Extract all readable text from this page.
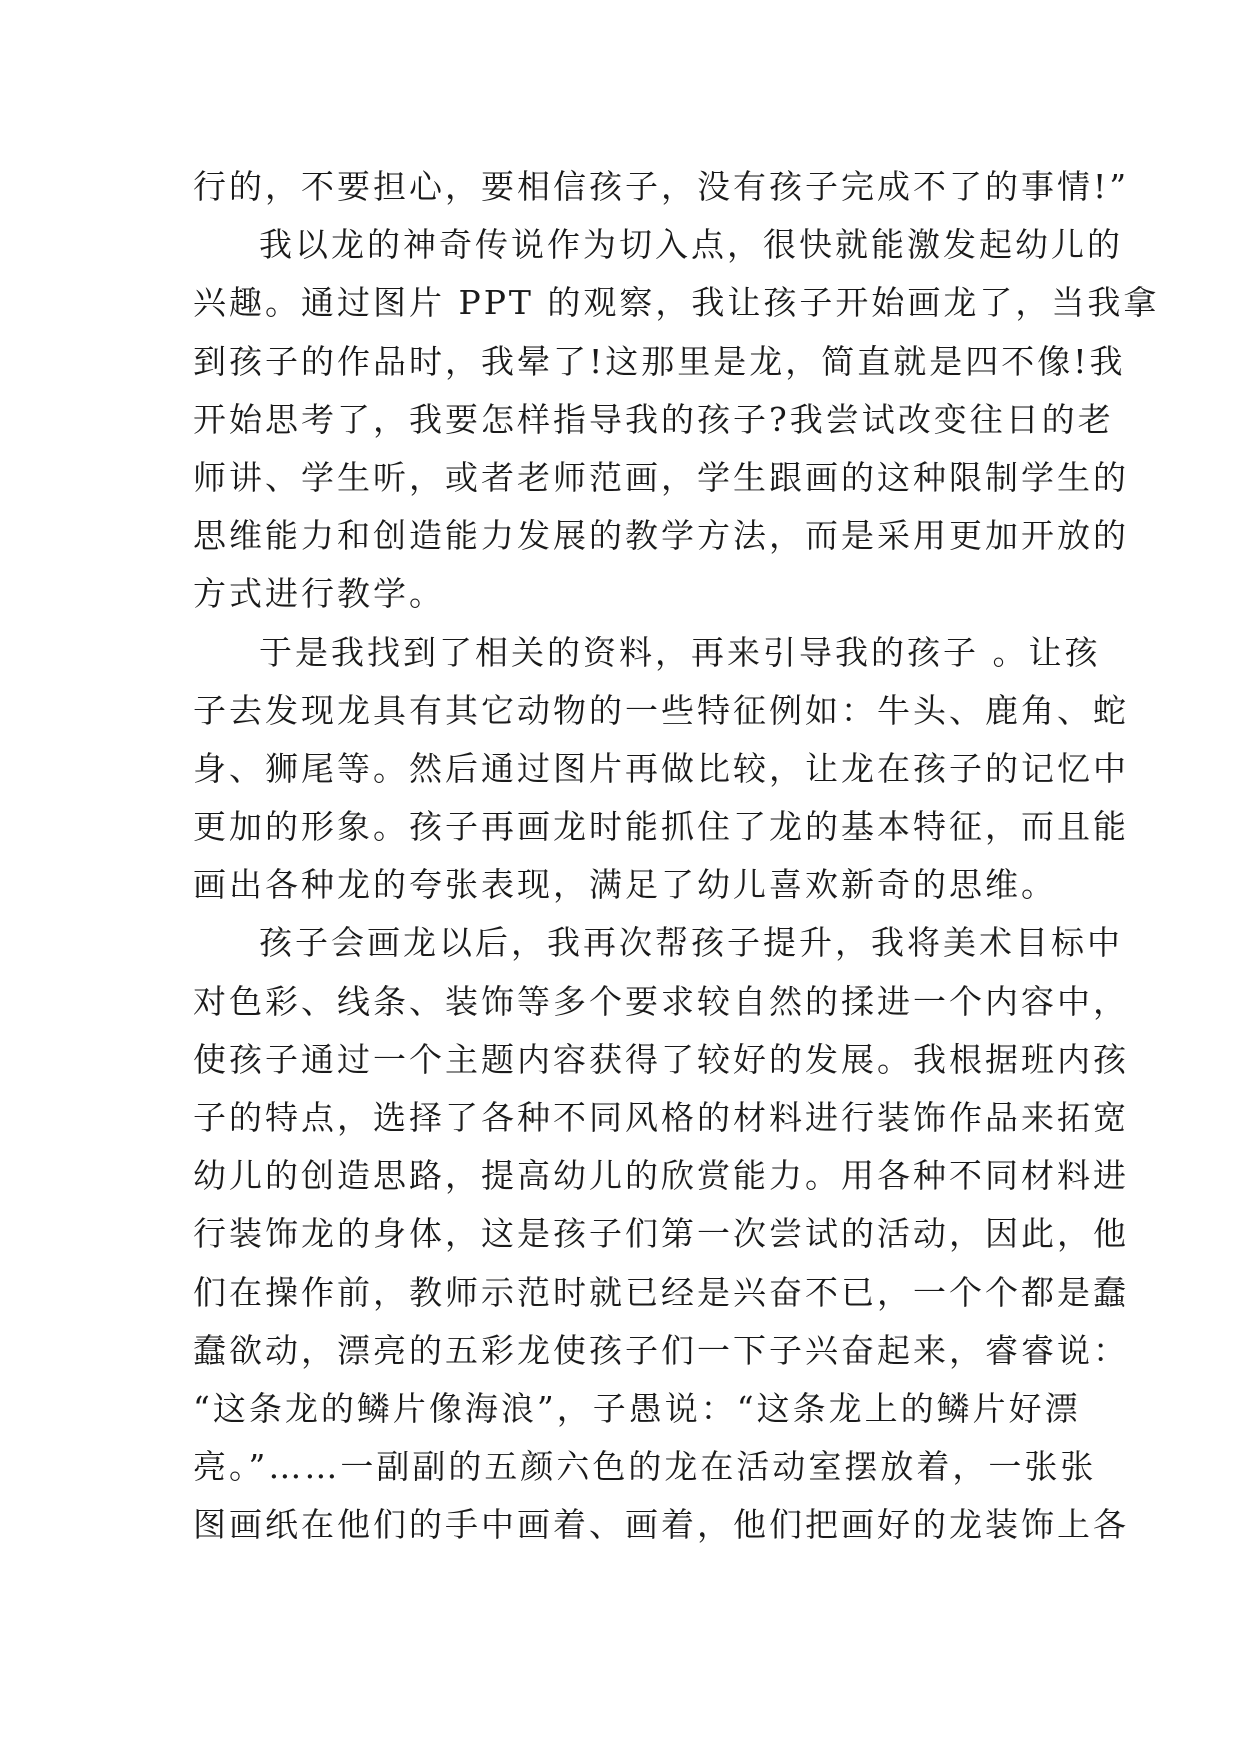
行的，不要担心，要相信孩子，没有孩子完成不了的事情!”
我以龙的神奇传说作为切入点，很快就能激发起幼儿的
兴趣。通过图片 PPT 的观察，我让孩子开始画龙了，当我拿
到孩子的作品时，我晕了!这那里是龙，简直就是四不像!我
开始思考了，我要怎样指导我的孩子?我尝试改变往日的老
师讲、学生听，或者老师范画，学生跟画的这种限制学生的
思维能力和创造能力发展的教学方法，而是采用更加开放的
方式进行教学。
于是我找到了相关的资料，再来引导我的孩子 。让孩
子去发现龙具有其它动物的一些特征例如：牛头、鹿角、蛇
身、狮尾等。然后通过图片再做比较，让龙在孩子的记忆中
更加的形象。孩子再画龙时能抓住了龙的基本特征，而且能
画出各种龙的夸张表现，满足了幼儿喜欢新奇的思维。
孩子会画龙以后，我再次帮孩子提升，我将美术目标中
对色彩、线条、装饰等多个要求较自然的揉进一个内容中，
使孩子通过一个主题内容获得了较好的发展。我根据班内孩
子的特点，选择了各种不同风格的材料进行装饰作品来拓宽
幼儿的创造思路，提高幼儿的欣赏能力。用各种不同材料进
行装饰龙的身体，这是孩子们第一次尝试的活动，因此，他
们在操作前，教师示范时就已经是兴奋不已，一个个都是蠢
蠢欲动，漂亮的五彩龙使孩子们一下子兴奋起来，睿睿说：
“这条龙的鳞片像海浪”，子愚说：“这条龙上的鳞片好漂
亮。”……一副副的五颜六色的龙在活动室摆放着，一张张
图画纸在他们的手中画着、画着，他们把画好的龙装饰上各
